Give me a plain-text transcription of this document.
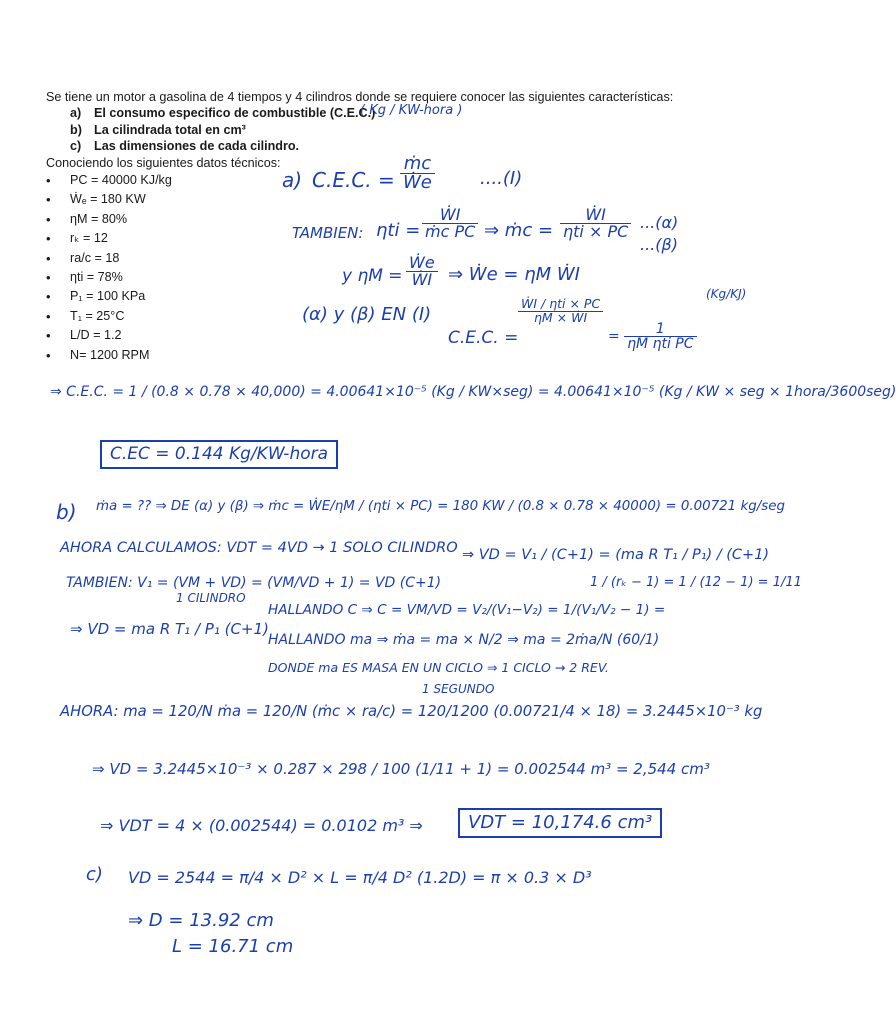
Se tiene un motor a gasolina de 4 tiempos y 4 cilindros donde se requiere conocer las siguientes características:

a) El consumo especifico de combustible (C.E.C.)
b) La cilindrada total en cm³
c) Las dimensiones de cada cilindro.

Conociendo los siguientes datos técnicos:

• PC = 40000 KJ/kg
• Ẇₑ = 180 KW
• ηM = 80%
• rₖ = 12
• ra/c = 18
• ηti = 78%
• P₁ = 100 KPa
• T₁ = 25°C
• L/D = 1.2
• N= 1200 RPM
( Kg / KW-hora )
a) C.E.C. = $\frac{\text{ṁc}}{\text{Ẇe}}$	....(I)
TAMBIEN: $\eta ti = \frac{\text{ẆI}}{\text{ṁc PC}}$ ⇒ ṁc = $\frac{\text{ẆI}}{\text{ηti × PC}} ...(\alpha)$
y $\eta M = \frac{\text{Ẇe}}{\text{ẆI}}$ ⇒ Ẇe = ηM ẆI
...(β)
(α) y (β) EN (I)
C.E.C. =
$\frac{\text{ẆI / ηti × PC}}{\text{ηM × ẆI}}$
= $\frac{1}{\text{ηM ηti PC}}$
(Kg/KJ)
⇒ C.E.C. = 1 / (0.8 × 0.78 × 40,000) = 4.00641×10⁻⁵ (Kg / KW×seg) = 4.00641×10⁻⁵ (Kg / KW × seg × 1hora/3600seg)
C.EC = 0.144 Kg/KW-hora
b) ṁa = ?? ⇒ DE (α) y (β) ⇒ ṁc = ẆE/ηM / (ηti × PC) = 180 KW / (0.8 × 0.78 × 40000) = 0.00721 kg/seg
AHORA CALCULAMOS: VDT = 4VD → 1 SOLO CILINDRO ⇒ VD = V₁ / (C+1) = (ma R T₁ / P₁) / (C+1)
TAMBIEN: V₁ = (VM + VD) = (VM/VD + 1) = VD (C+1)	1 / (rₖ − 1) = 1 / (12 − 1) = 1/11
⇒ VD = ma R T₁ / P₁ (C+1)
HALLANDO C ⇒ C = VM/VD = V₂/(V₁−V₂) = 1/(V₁/V₂ − 1) =
HALLANDO ma ⇒ ṁa = ma × N/2 ⇒ ma = 2ṁa/N (60/1)
DONDE ma ES MASA EN UN CICLO ⇒ 1 CICLO → 2 REV.
1 CILINDRO
1 SEGUNDO
AHORA: ma = 120/N ṁa = 120/N (ṁc × ra/c) = 120/1200 (0.00721/4 × 18) = 3.2445×10⁻³ kg
⇒ VD = 3.2445×10⁻³ × 0.287 × 298 / 100 (1/11 + 1) = 0.002544 m³ = 2,544 cm³
⇒ VDT = 4 × (0.002544) = 0.0102 m³ ⇒	VDT = 10,174.6 cm³
c) VD = 2544 = π/4 × D² × L = π/4 D² (1.2D) = π × 0.3 × D³
⇒ D = 13.92 cm
L = 16.71 cm
